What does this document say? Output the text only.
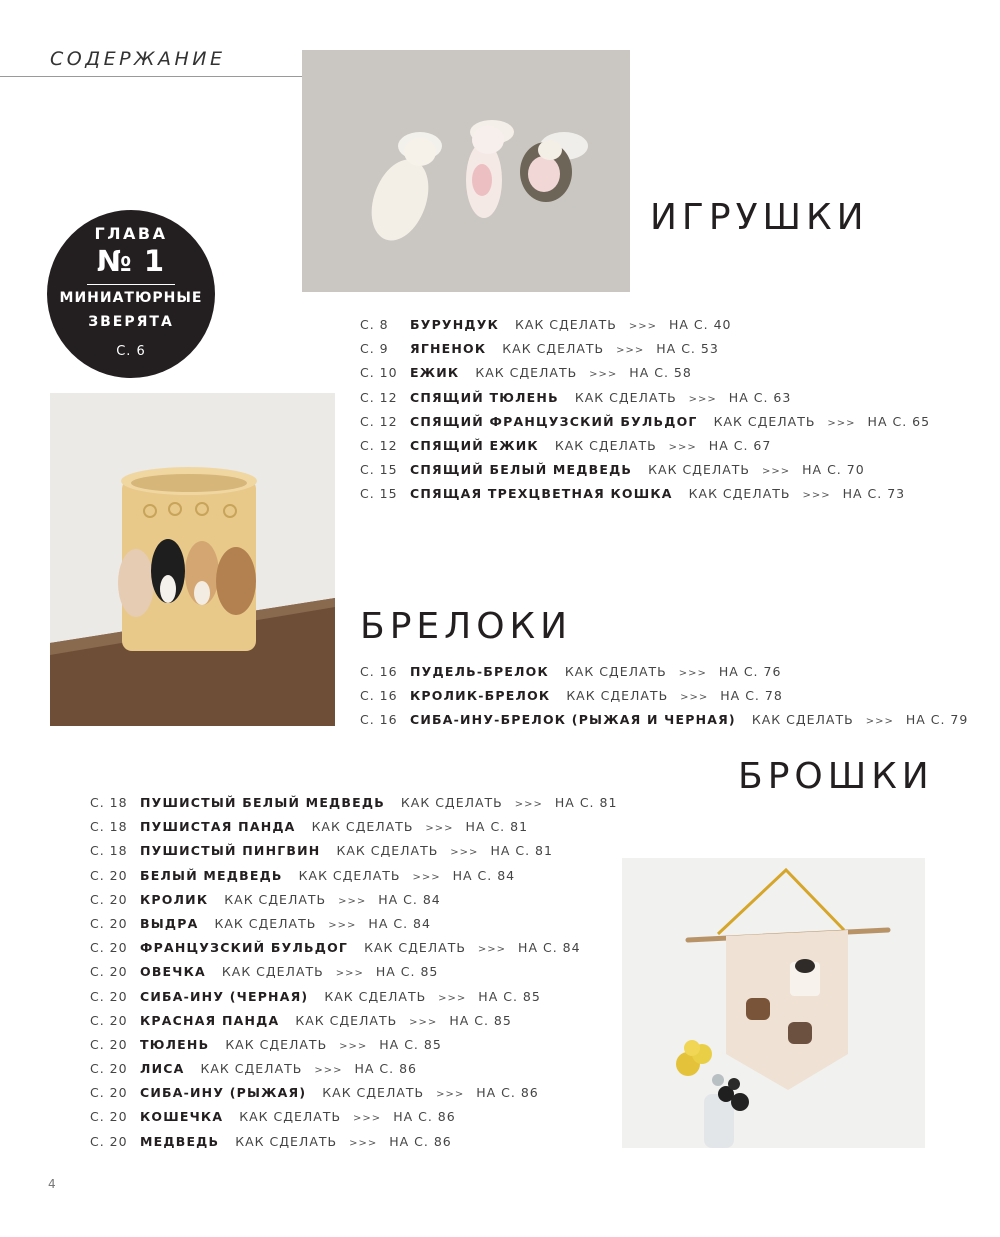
СОДЕРЖАНИЕ
ИГРУШКИ
ГЛАВА
№ 1
МИНИАТЮРНЫЕ
ЗВЕРЯТА
С. 6
С. 8 БУРУНДУК КАК СДЕЛАТЬ >>> НА С. 40
С. 9 ЯГНЕНОК КАК СДЕЛАТЬ >>> НА С. 53
С. 10 ЕЖИК КАК СДЕЛАТЬ >>> НА С. 58
С. 12 СПЯЩИЙ ТЮЛЕНЬ КАК СДЕЛАТЬ >>> НА С. 63
С. 12 СПЯЩИЙ ФРАНЦУЗСКИЙ БУЛЬДОГ КАК СДЕЛАТЬ >>> НА С. 65
С. 12 СПЯЩИЙ ЕЖИК КАК СДЕЛАТЬ >>> НА С. 67
С. 15 СПЯЩИЙ БЕЛЫЙ МЕДВЕДЬ КАК СДЕЛАТЬ >>> НА С. 70
С. 15 СПЯЩАЯ ТРЕХЦВЕТНАЯ КОШКА КАК СДЕЛАТЬ >>> НА С. 73
БРЕЛОКИ
С. 16 ПУДЕЛЬ-БРЕЛОК КАК СДЕЛАТЬ >>> НА С. 76
С. 16 КРОЛИК-БРЕЛОК КАК СДЕЛАТЬ >>> НА С. 78
С. 16 СИБА-ИНУ-БРЕЛОК (РЫЖАЯ И ЧЕРНАЯ) КАК СДЕЛАТЬ >>> НА С. 79
БРОШКИ
С. 18 ПУШИСТЫЙ БЕЛЫЙ МЕДВЕДЬ КАК СДЕЛАТЬ >>> НА С. 81
С. 18 ПУШИСТАЯ ПАНДА КАК СДЕЛАТЬ >>> НА С. 81
С. 18 ПУШИСТЫЙ ПИНГВИН КАК СДЕЛАТЬ >>> НА С. 81
С. 20 БЕЛЫЙ МЕДВЕДЬ КАК СДЕЛАТЬ >>> НА С. 84
С. 20 КРОЛИК КАК СДЕЛАТЬ >>> НА С. 84
С. 20 ВЫДРА КАК СДЕЛАТЬ >>> НА С. 84
С. 20 ФРАНЦУЗСКИЙ БУЛЬДОГ КАК СДЕЛАТЬ >>> НА С. 84
С. 20 ОВЕЧКА КАК СДЕЛАТЬ >>> НА С. 85
С. 20 СИБА-ИНУ (ЧЕРНАЯ) КАК СДЕЛАТЬ >>> НА С. 85
С. 20 КРАСНАЯ ПАНДА КАК СДЕЛАТЬ >>> НА С. 85
С. 20 ТЮЛЕНЬ КАК СДЕЛАТЬ >>> НА С. 85
С. 20 ЛИСА КАК СДЕЛАТЬ >>> НА С. 86
С. 20 СИБА-ИНУ (РЫЖАЯ) КАК СДЕЛАТЬ >>> НА С. 86
С. 20 КОШЕЧКА КАК СДЕЛАТЬ >>> НА С. 86
С. 20 МЕДВЕДЬ КАК СДЕЛАТЬ >>> НА С. 86
4
